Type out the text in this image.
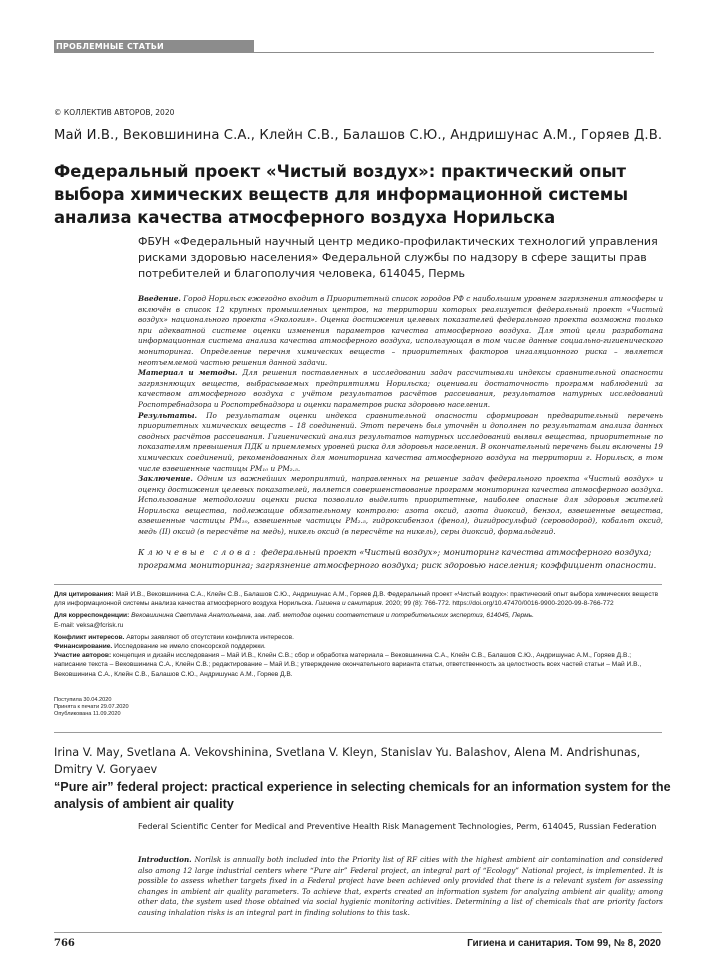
ПРОБЛЕМНЫЕ СТАТЬИ
© КОЛЛЕКТИВ АВТОРОВ, 2020
Май И.В., Вековшинина С.А., Клейн С.В., Балашов С.Ю., Андришунас А.М., Горяев Д.В.
Федеральный проект «Чистый воздух»: практический опыт выбора химических веществ для информационной системы анализа качества атмосферного воздуха Норильска
ФБУН «Федеральный научный центр медико-профилактических технологий управления рисками здоровью населения» Федеральной службы по надзору в сфере защиты прав потребителей и благополучия человека, 614045, Пермь

Введение. Город Норильск ежегодно входит в Приоритетный список городов РФ с наибольшим уровнем загрязнения атмосферы и включён в список 12 крупных промышленных центров, на территории которых реализуется федеральный проект «Чистый воздух» национального проекта «Экология». Оценка достижения целевых показателей федерального проекта возможна только при адекватной системе оценки изменения параметров качества атмосферного воздуха. Для этой цели разработана информационная система анализа качества атмосферного воздуха, использующая в том числе данные социально-гигиенического мониторинга. Определение перечня химических веществ – приоритетных факторов ингаляционного риска – является неотъемлемой частью решения данной задачи.

Материал и методы. Для решения поставленных в исследовании задач рассчитывали индексы сравнительной опасности загрязняющих веществ, выбрасываемых предприятиями Норильска; оценивали достаточность программ наблюдений за качеством атмосферного воздуха с учётом результатов расчётов рассеивания, результатов натурных исследований Роспотребнадзора и Роспотребнадзора и оценки параметров риска здоровью населения.

Результаты. По результатам оценки индекса сравнительной опасности сформирован предварительный перечень приоритетных химических веществ – 18 соединений. Этот перечень был уточнён и дополнен по результатам анализа данных сводных расчётов рассеивания. Гигиенический анализ результатов натурных исследований выявил вещества, приоритетные по показателям превышения ПДК и приемлемых уровней риска для здоровья населения. В окончательный перечень были включены 19 химических соединений, рекомендованных для мониторинга качества атмосферного воздуха на территории г. Норильск, в том числе взвешенные частицы PM₁₀ и PM₂.₅.

Заключение. Одним из важнейших мероприятий, направленных на решение задач федерального проекта «Чистый воздух» и оценку достижения целевых показателей, является совершенствование программ мониторинга качества атмосферного воздуха. Использование методологии оценки риска позволило выделить приоритетные, наиболее опасные для здоровья жителей Норильска вещества, подлежащие обязательному контролю: азота оксид, азота диоксид, бензол, взвешенные вещества, взвешенные частицы PM₁₀, взвешенные частицы PM₂.₅, гидроксибензол (фенол), дигидросульфид (сероводород), кобальт оксид, медь (II) оксид (в пересчёте на медь), никель оксид (в пересчёте на никель), серы диоксид, формальдегид.

Ключевые слова: федеральный проект «Чистый воздух»; мониторинг качества атмосферного воздуха; программа мониторинга; загрязнение атмосферного воздуха; риск здоровью населения; коэффициент опасности.

Для цитирования: Май И.В., Вековшинина С.А., Клейн С.В., Балашов С.Ю., Андришунас А.М., Горяев Д.В. Федеральный проект «Чистый воздух»: практический опыт выбора химических веществ для информационной системы анализа качества атмосферного воздуха Норильска. Гигиена и санитария. 2020; 99 (8): 766-772. https://doi.org/10.47470/0016-9900-2020-99-8-766-772

Для корреспонденции: Вековшинина Светлана Анатольевна, зав. лаб. методов оценки соответствия и потребительских экспертиз, 614045, Пермь.
E-mail: veksa@fcrisk.ru

Конфликт интересов. Авторы заявляют об отсутствии конфликта интересов.
Финансирование. Исследование не имело спонсорской поддержки.
Участие авторов: концепция и дизайн исследования – Май И.В., Клейн С.В.; сбор и обработка материала – Вековшинина С.А., Клейн С.В., Балашов С.Ю., Андришунас А.М., Горяев Д.В.; написание текста – Вековшинина С.А., Клейн С.В.; редактирование – Май И.В.; утверждение окончательного варианта статьи, ответственность за целостность всех частей статьи – Май И.В., Вековшинина С.А., Клейн С.В., Балашов С.Ю., Андришунас А.М., Горяев Д.В.

Поступила 30.04.2020
Принята к печати 29.07.2020
Опубликована 11.09.2020
Irina V. May, Svetlana A. Vekovshinina, Svetlana V. Kleyn, Stanislav Yu. Balashov, Alena M. Andrishunas, Dmitry V. Goryaev
“Pure air” federal project: practical experience in selecting chemicals for an information system for the analysis of ambient air quality
Federal Scientific Center for Medical and Preventive Health Risk Management Technologies, Perm, 614045, Russian Federation
Introduction. Norilsk is annually both included into the Priority list of RF cities with the highest ambient air contamination and considered also among 12 large industrial centers where “Pure air” Federal project, an integral part of “Ecology” National project, is implemented. It is possible to assess whether targets fixed in a Federal project have been achieved only provided that there is a relevant system for assessing changes in ambient air quality parameters. To achieve that, experts created an information system for analyzing ambient air quality; among other data, the system used those obtained via social hygienic monitoring activities. Determining a list of chemicals that are priority factors causing inhalation risks is an integral part in finding solutions to this task.
766	Гигиена и санитария. Том 99, № 8, 2020
